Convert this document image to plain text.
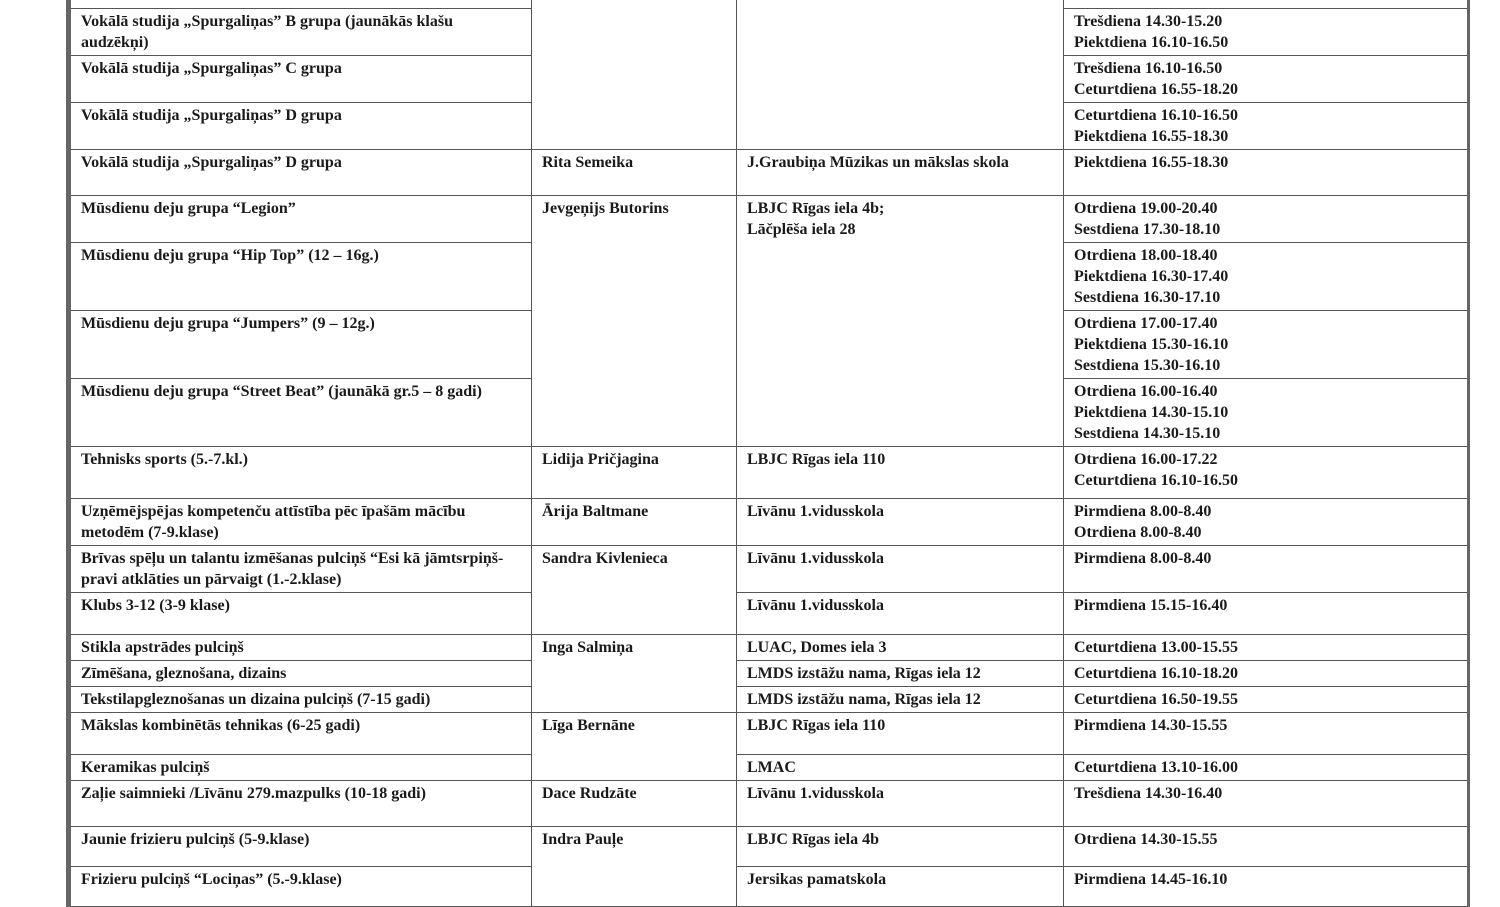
Vokālā studija „Spurgaliņas” B grupa (jaunākās klašu audzēkņi)			Trešdiena 14.30-15.20
Piektdiena 16.10-16.50

Vokālā studija „Spurgaliņas” C grupa			Trešdiena 16.10-16.50
Ceturtdiena 16.55-18.20

Vokālā studija „Spurgaliņas” D grupa			Ceturtdiena 16.10-16.50
Piektdiena 16.55-18.30

Vokālā studija „Spurgaliņas” D grupa	Rita Semeika	J.Graubiņa Mūzikas un mākslas skola	Piektdiena 16.55-18.30

Mūsdienu deju grupa “Legion”	Jevgeņijs Butorins	LBJC Rīgas iela 4b; Lāčplēša iela 28	Otrdiena 19.00-20.40
Sestdiena 17.30-18.10

Mūsdienu deju grupa “Hip Top” (12 – 16g.)			Otrdiena 18.00-18.40
Piektdiena 16.30-17.40
Sestdiena 16.30-17.10

Mūsdienu deju grupa “Jumpers” (9 – 12g.)			Otrdiena 17.00-17.40
Piektdiena 15.30-16.10
Sestdiena 15.30-16.10

Mūsdienu deju grupa “Street Beat” (jaunākā gr.5 – 8 gadi)			Otrdiena 16.00-16.40
Piektdiena 14.30-15.10
Sestdiena 14.30-15.10

Tehnisks sports (5.-7.kl.)	Lidija Pričjagina	LBJC Rīgas iela 110	Otrdiena 16.00-17.22
Ceturtdiena 16.10-16.50

Uzņēmējspējas kompetenču attīstība pēc īpašām mācību metodēm (7-9.klase)	Ārija Baltmane	Līvānu 1.vidusskola	Pirmdiena 8.00-8.40
Otrdiena 8.00-8.40

Brīvas spēļu un talantu izmēšanas pulciņš “Esi kā jāmtsrpiņš-pravi atklāties un pārvaigt (1.-2.klase)	Sandra Kivlenieca	Līvānu 1.vidusskola	Pirmdiena 8.00-8.40

Klubs 3-12 (3-9 klase)		Līvānu 1.vidusskola	Pirmdiena 15.15-16.40

Stikla apstrādes pulciņš	Inga Salmiņa	LUAC, Domes iela 3	Ceturtdiena 13.00-15.55

Zīmēšana, gleznošana, dizains		LMDS izstāžu nama, Rīgas iela 12	Ceturtdiena 16.10-18.20

Tekstilapgleznošanas un dizaina pulciņš (7-15 gadi)		LMDS izstāžu nama, Rīgas iela 12	Ceturtdiena 16.50-19.55

Mākslas kombinētās tehnikas (6-25 gadi)	Līga Bernāne	LBJC Rīgas iela 110	Pirmdiena 14.30-15.55

Keramikas pulciņš		LMAC	Ceturtdiena 13.10-16.00

Zaļie saimnieki /Līvānu 279.mazpulks (10-18 gadi)	Dace Rudzāte	Līvānu 1.vidusskola	Trešdiena 14.30-16.40

Jaunie frizieru pulciņš (5-9.klase)	Indra Pauļe	LBJC Rīgas iela 4b	Otrdiena 14.30-15.55

Frizieru pulciņš “Lociņas” (5.-9.klase)		Jersikas pamatskola	Pirmdiena 14.45-16.10
